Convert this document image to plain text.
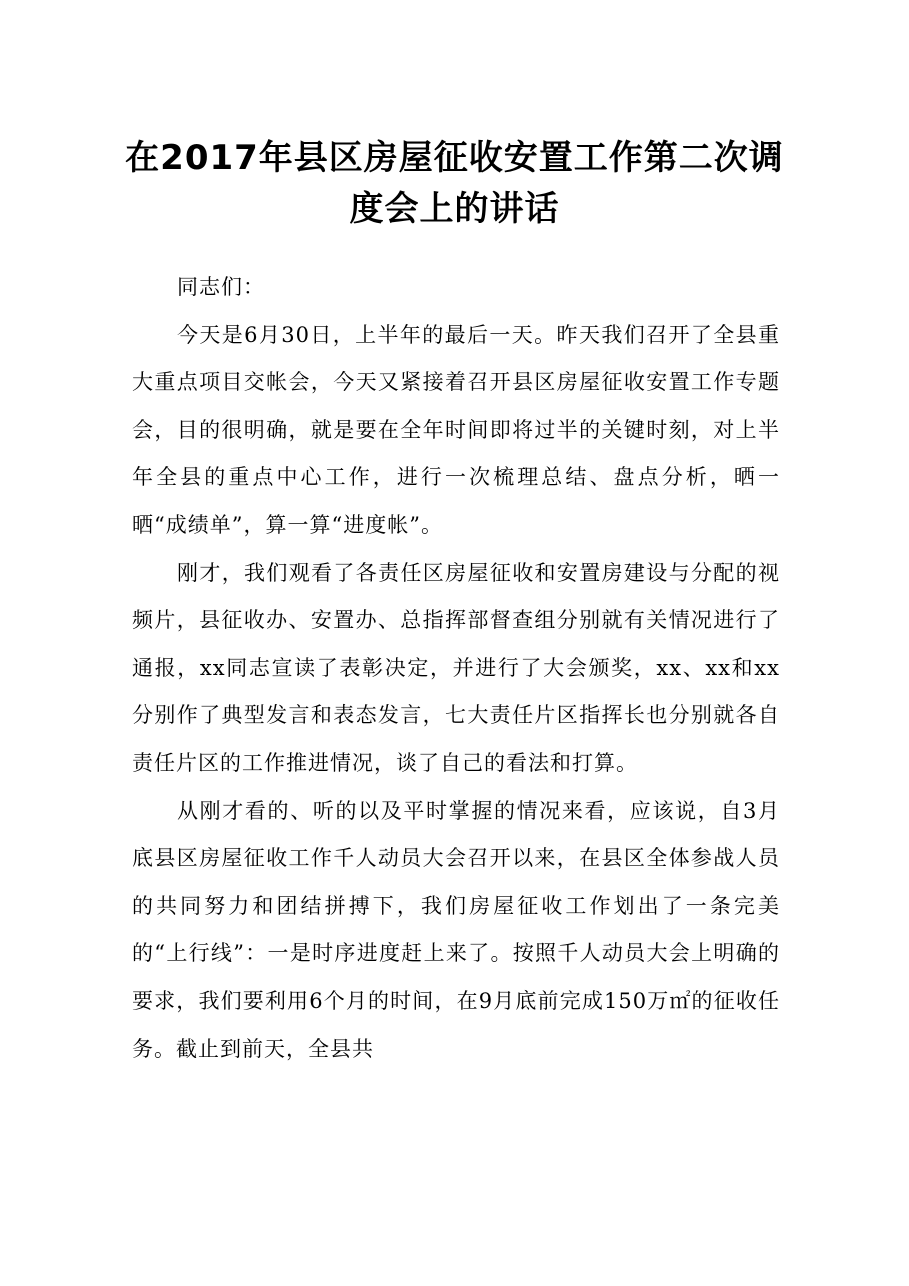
在2017年县区房屋征收安置工作第二次调度会上的讲话

同志们：

今天是6月30日，上半年的最后一天。昨天我们召开了全县重大重点项目交帐会，今天又紧接着召开县区房屋征收安置工作专题会，目的很明确，就是要在全年时间即将过半的关键时刻，对上半年全县的重点中心工作，进行一次梳理总结、盘点分析，晒一晒“成绩单”，算一算“进度帐”。

刚才，我们观看了各责任区房屋征收和安置房建设与分配的视频片，县征收办、安置办、总指挥部督查组分别就有关情况进行了通报，xx同志宣读了表彰决定，并进行了大会颁奖，xx、xx和xx分别作了典型发言和表态发言，七大责任片区指挥长也分别就各自责任片区的工作推进情况，谈了自己的看法和打算。

从刚才看的、听的以及平时掌握的情况来看，应该说，自3月底县区房屋征收工作千人动员大会召开以来，在县区全体参战人员的共同努力和团结拼搏下，我们房屋征收工作划出了一条完美的“上行线”：一是时序进度赶上来了。按照千人动员大会上明确的要求，我们要利用6个月的时间，在9月底前完成150万㎡的征收任务。截止到前天，全县共
